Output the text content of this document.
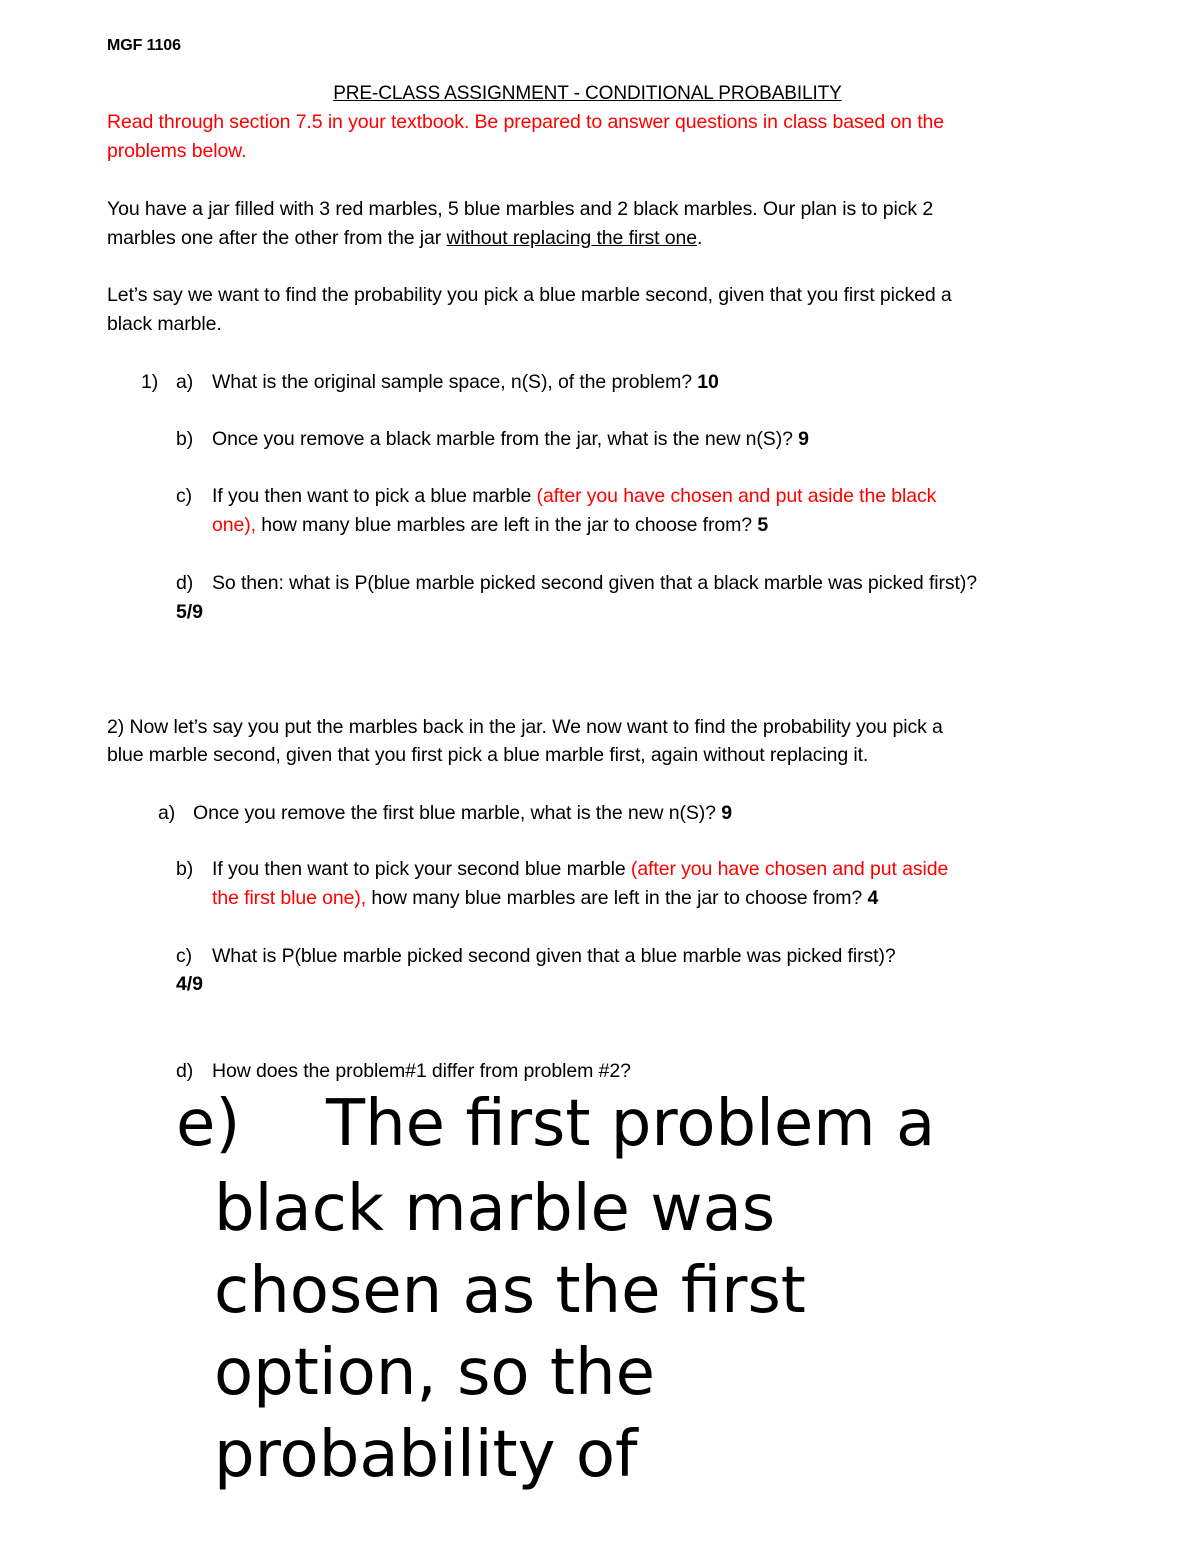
MGF 1106
PRE-CLASS ASSIGNMENT - CONDITIONAL PROBABILITY
Read through section 7.5 in your textbook. Be prepared to answer questions in class based on the
problems below.
You have a jar filled with 3 red marbles, 5 blue marbles and 2 black marbles. Our plan is to pick 2
marbles one after the other from the jar without replacing the first one.
Let’s say we want to find the probability you pick a blue marble second, given that you first picked a
black marble.
1) a) What is the original sample space, n(S), of the problem? 10
b) Once you remove a black marble from the jar, what is the new n(S)? 9
c) If you then want to pick a blue marble (after you have chosen and put aside the black
one), how many blue marbles are left in the jar to choose from? 5
d) So then: what is P(blue marble picked second given that a black marble was picked first)?
5/9
2) Now let’s say you put the marbles back in the jar. We now want to find the probability you pick a
blue marble second, given that you first pick a blue marble first, again without replacing it.
a) Once you remove the first blue marble, what is the new n(S)? 9
b) If you then want to pick your second blue marble (after you have chosen and put aside
the first blue one), how many blue marbles are left in the jar to choose from? 4
c) What is P(blue marble picked second given that a blue marble was picked first)?
4/9
d) How does the problem#1 differ from problem #2?
e) The first problem a
black marble was
chosen as the first
option, so the
probability of
